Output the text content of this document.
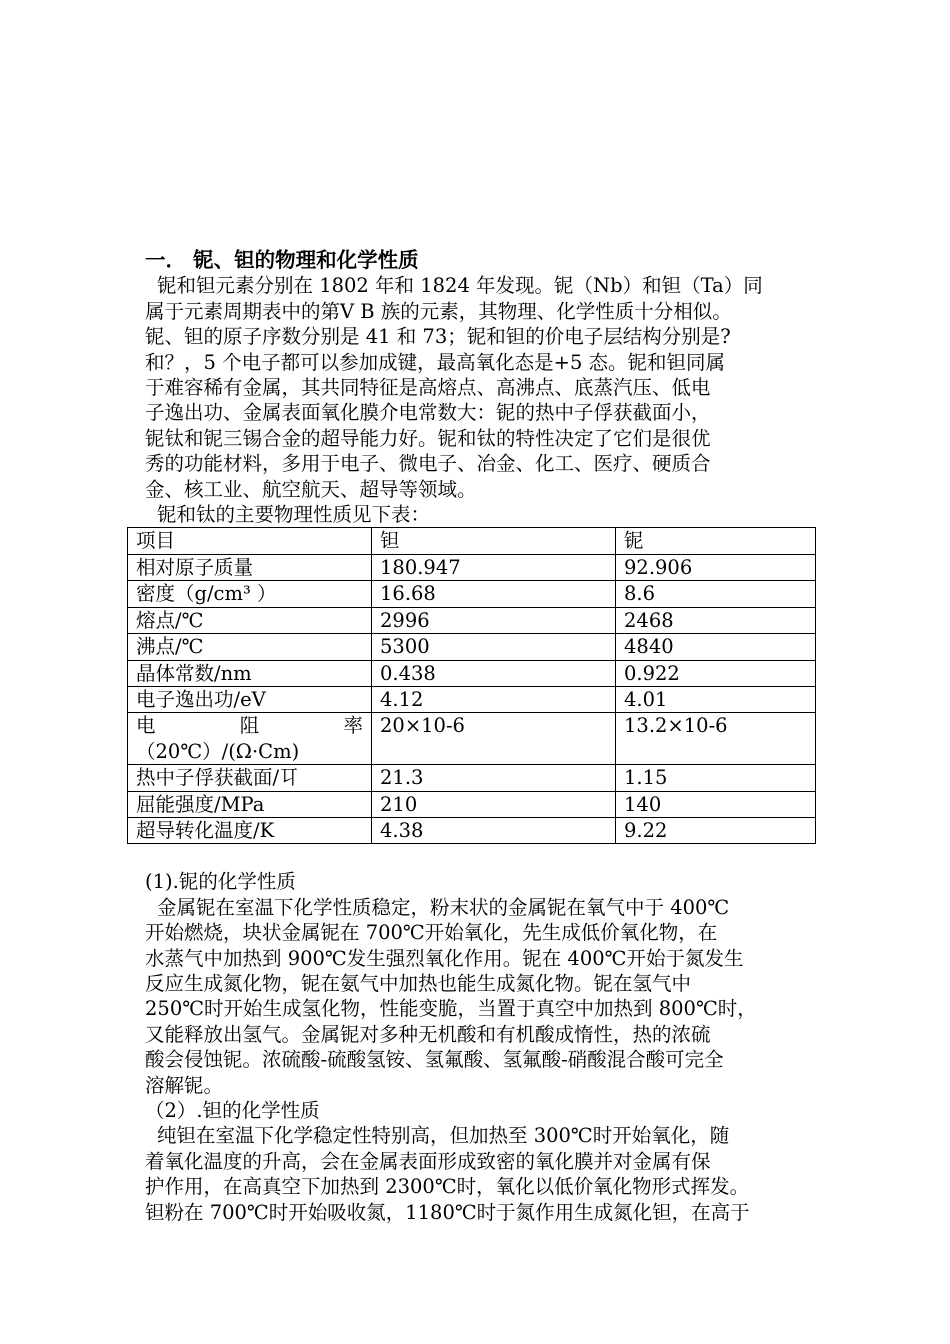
一． 铌、钽的物理和化学性质
铌和钽元素分别在 1802 年和 1824 年发现。铌（Nb）和钽（Ta）同
属于元素周期表中的第Ⅴ B 族的元素，其物理、化学性质十分相似。
铌、钽的原子序数分别是 41 和 73；铌和钽的价电子层结构分别是?
和？，5 个电子都可以参加成键，最高氧化态是+5 态。铌和钽同属
于难容稀有金属，其共同特征是高熔点、高沸点、底蒸汽压、低电
子逸出功、金属表面氧化膜介电常数大：铌的热中子俘获截面小，
铌钛和铌三锡合金的超导能力好。铌和钛的特性决定了它们是很优
秀的功能材料，多用于电子、微电子、冶金、化工、医疗、硬质合
金、核工业、航空航天、超导等领域。
铌和钛的主要物理性质见下表：
项目	钽	铌
相对原子质量	180.947	92.906
密度（g/cm³ ）	16.68	8.6
熔点/℃	2996	2468
沸点/℃	5300	4840
晶体常数/nm	0.438	0.922
电子逸出功/eV	4.12	4.01

电 阻 率
（20℃）/(Ω·Cm)	20×10-6	13.2×10-6
热中子俘获截面/㔿	21.3	1.15
屈能强度/MPa	210	140
超导转化温度/K	4.38	9.22
(1).铌的化学性质
金属铌在室温下化学性质稳定，粉末状的金属铌在氧气中于 400℃
开始燃烧，块状金属铌在 700℃开始氧化，先生成低价氧化物，在
水蒸气中加热到 900℃发生强烈氧化作用。铌在 400℃开始于氮发生
反应生成氮化物，铌在氨气中加热也能生成氮化物。铌在氢气中
250℃时开始生成氢化物，性能变脆，当置于真空中加热到 800℃时，
又能释放出氢气。金属铌对多种无机酸和有机酸成惰性，热的浓硫
酸会侵蚀铌。浓硫酸-硫酸氢铵、氢氟酸、氢氟酸-硝酸混合酸可完全
溶解铌。
（2）.钽的化学性质
纯钽在室温下化学稳定性特别高，但加热至 300℃时开始氧化，随
着氧化温度的升高，会在金属表面形成致密的氧化膜并对金属有保
护作用，在高真空下加热到 2300℃时，氧化以低价氧化物形式挥发。
钽粉在 700℃时开始吸收氮，1180℃时于氮作用生成氮化钽，在高于
